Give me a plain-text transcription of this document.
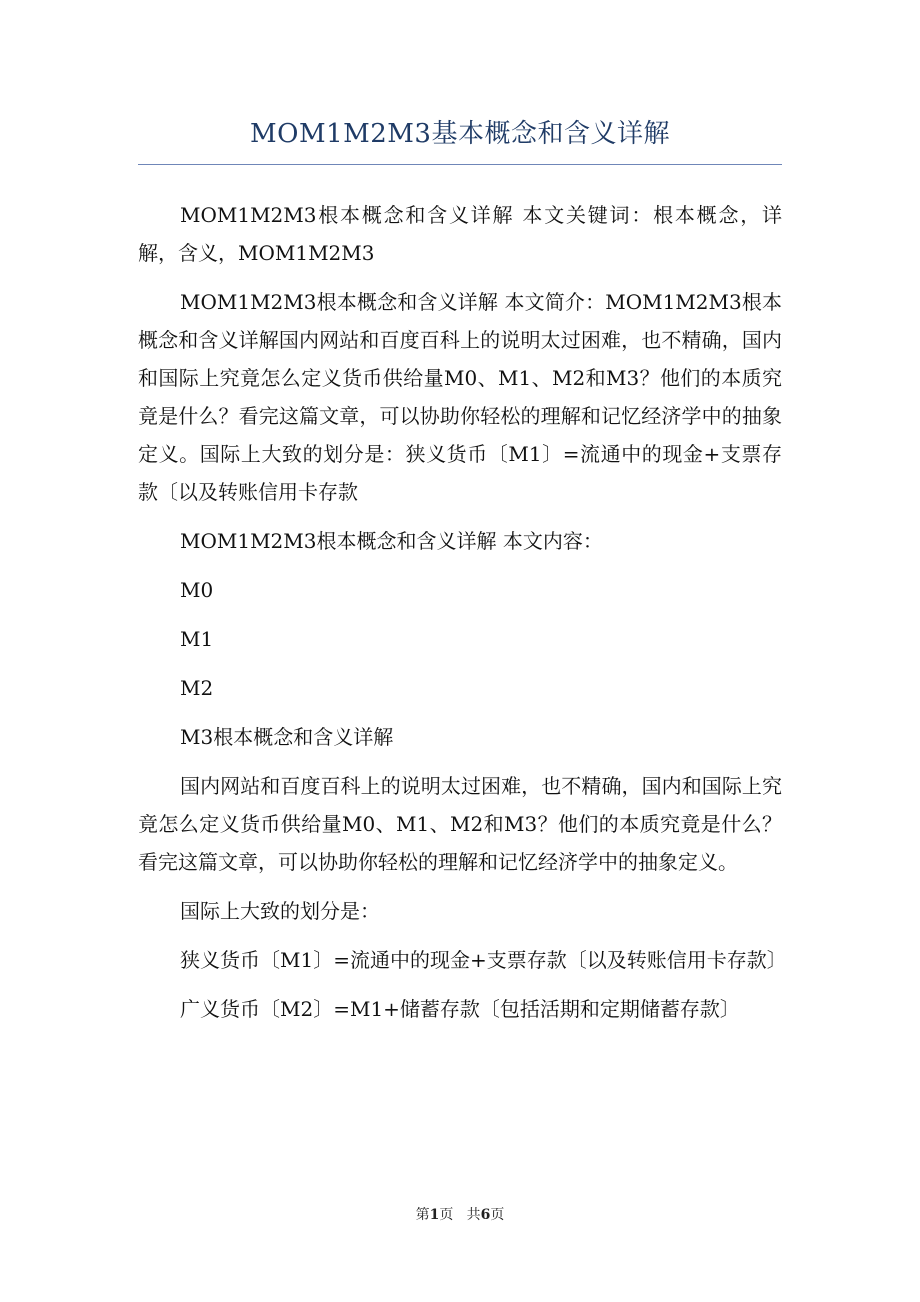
MOM1M2M3基本概念和含义详解

MOM1M2M3根本概念和含义详解 本文关键词：根本概念，详解，含义，MOM1M2M3

MOM1M2M3根本概念和含义详解 本文简介：MOM1M2M3根本概念和含义详解国内网站和百度百科上的说明太过困难，也不精确，国内和国际上究竟怎么定义货币供给量M0、M1、M2和M3？他们的本质究竟是什么？看完这篇文章，可以协助你轻松的理解和记忆经济学中的抽象定义。国际上大致的划分是：狭义货币〔M1〕=流通中的现金+支票存款〔以及转账信用卡存款

MOM1M2M3根本概念和含义详解 本文内容：

M0

M1

M2

M3根本概念和含义详解

国内网站和百度百科上的说明太过困难，也不精确，国内和国际上究竟怎么定义货币供给量M0、M1、M2和M3？他们的本质究竟是什么？看完这篇文章，可以协助你轻松的理解和记忆经济学中的抽象定义。

国际上大致的划分是：

狭义货币〔M1〕=流通中的现金+支票存款〔以及转账信用卡存款〕

广义货币〔M2〕=M1+储蓄存款〔包括活期和定期储蓄存款〕

第1页 共6页
